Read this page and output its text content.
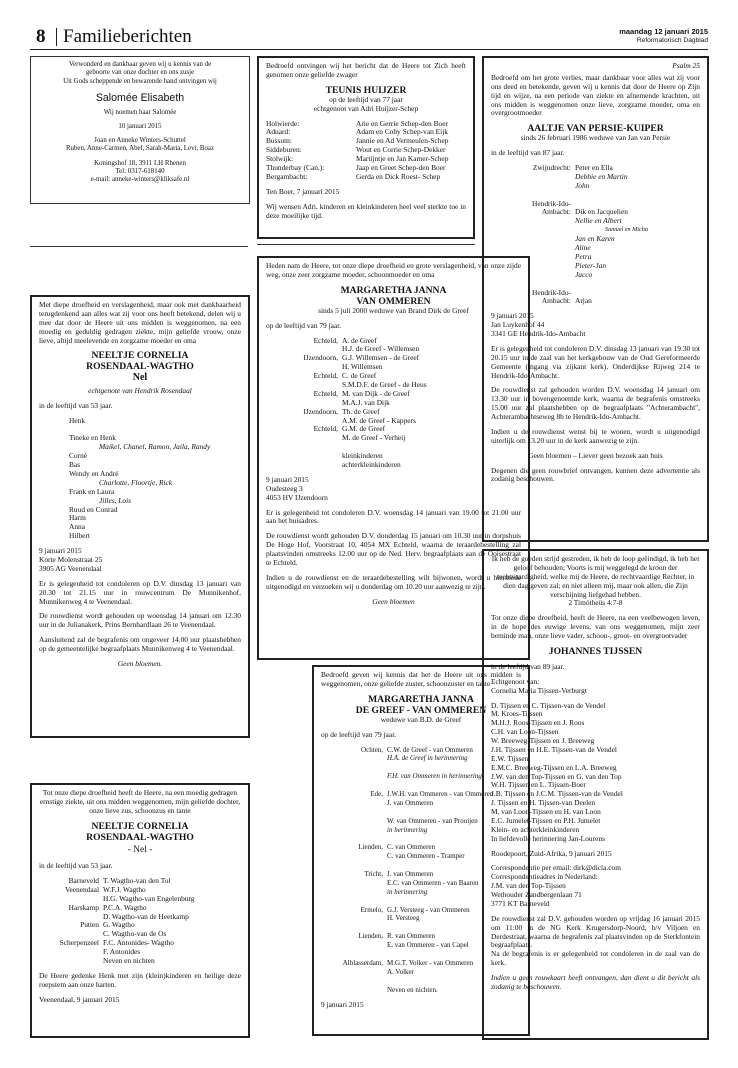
8 Familieberichten	maandag 12 januari 2015
Reformatorisch Dagblad
Verwonderd en dankbaar geven wij u kennis van de
geboorte van onze dochter en ons zusje
Uit Gods scheppende en bewarende hand ontvingen wij
Salomée Elisabeth
Wij noemen haar Salomée
10 januari 2015
Joan en Anneke Winters-Schuttel
Ruben, Anne-Carmen, Abel, Sarah-Maria, Levi, Boaz
Koningshof 18, 3911 LH Rhenen
Tel: 0317-618140
e-mail: anneke-winters@kliksafe.nl
Met diepe droefheid en verslagenheid, maar ook met dankbaarheid terugdenkend aan alles wat zij voor ons heeft betekend, delen wij u mee dat door de Heere uit ons midden is weggenomen, na een moedig en geduldig gedragen ziekte, mijn geliefde vrouw, onze lieve, altijd meelevende en zorgzame moeder en oma
NEELTJE CORNELIA
ROSENDAAL-WAGTHO
Nel
echtgenote van Hendrik Rosendaal
in de leeftijd van 53 jaar.
Henk
Tineke en Henk
Maikel, Chanel, Ramon, Jaila, Randy
Corné
Bas
Wendy en André
Charlotte, Floortje, Rick
Frank en Laura
Jilles, Lois
Ruud en Conrad
Harm
Anna
Hilbert
9 januari 2015
Korte Molenstraat 25
3905 AG Veenendaal
Er is gelegenheid tot condoleren op D.V. dinsdag 13 januari van 20.30 tot 21.15 uur in rouwcentrum De Munnikenhof, Munnikenweg 4 te Veenendaal.
De rouwdienst wordt gehouden op woensdag 14 januari om 12.30 uur in de Julianakerk, Prins Bernhardlaan 26 te Veenendaal.
Aansluitend zal de begrafenis om ongeveer 14.00 uur plaatshebben op de gemeentelijke begraafplaats Munnikenweg 4 te Veenendaal.
Geen bloemen.
Tot onze diepe droefheid heeft de Heere, na een moedig gedragen ernstige ziekte, uit ons midden weggenomen, mijn geliefde dochter, onze lieve zus, schoonzus en tante
NEELTJE CORNELIA
ROSENDAAL-WAGTHO
- Nel -
in de leeftijd van 53 jaar.
Barneveld T. Wagtho-van den Tol
Veenendaal W.F.J. Wagtho
H.G. Wagtho-van Engelenburg
Harskamp P.C.A. Wagtho
D. Wagtho-van de Heetkamp
Putten G. Wagtho
C. Wagtho-van de Os
Scherpenzeel F.C. Antonides- Wagtho
F. Antonides
Neven en nichten
De Heere gedenke Henk met zijn (klein)kinderen en heilige deze roepstem aan onze harten.
Veenendaal, 9 januari 2015
Bedroefd ontvingen wij het bericht dat de Heere tot Zich heeft genomen onze geliefde zwager
TEUNIS HUIJZER
op de leeftijd van 77 jaar
echtgenoot van Adri Huijzer-Schep
Holwierde:	Arie en Gerrie Schep-den Boer
Aduard:	Adam en Coby Schep-van Eijk
Bussum:	Jannie en Ad Vermeulen-Schep
Siddeburen:	Wout en Corrie Schep-Dekker
Stolwijk:	Martijntje en Jan Kamer-Schep
Thunderbay (Can.):	Jaap en Greet Schep-den Boer
Bergambacht:	Gerda en Dick Roest- Schep
Ten Boer, 7 januari 2015
Wij wensen Adri, kinderen en kleinkinderen heel veel sterkte toe in deze moeilijke tijd.
Heden nam de Heere, tot onze diepe droefheid en grote verslagenheid, van onze zijde weg, onze zeer zorgzame moeder, schoonmoeder en oma
MARGARETHA JANNA
VAN OMMEREN
sinds 5 juli 2000 weduwe van Brand Dirk de Greef
op de leeftijd van 79 jaar.
Echteld, A. de Greef
H.J. de Greef - Willemsen
IJzendoorn, G.J. Willemsen - de Greef
H. Willemsen
Echteld, C. de Greef
S.M.D.F. de Greef - de Heus
Echteld, M. van Dijk - de Greef
M.A.J. van Dijk
IJzendoorn, Th. de Greef
A.M. de Greef - Kappers
Echteld, G.M. de Greef
M. de Greef - Verheij
kleinkinderen
achterkleinkinderen
9 januari 2015
Oudesteeg 3
4053 HV IJzendoorn
Er is gelegenheid tot condoleren D.V. woensdag 14 januari van 19.00 tot 21.00 uur aan het huisadres.
De rouwdienst wordt gehouden D.V. donderdag 15 januari om 10.30 uur in dorpshuis De Hoge Hof, Voorstraat 10, 4054 MX Echteld, waarna de teraardebestelling zal plaatsvinden omstreeks 12.00 uur op de Ned. Herv. begraafplaats aan de Ooisestraat te Echteld.
Indien u de rouwdienst en de teraardebestelling wilt bijwonen, wordt u hiermede uitgenodigd en verzoeken wij u donderdag om 10.20 uur aanwezig te zijn.
Geen bloemen
Bedroefd geven wij kennis dat het de Heere uit ons midden is weggenomen, onze geliefde zuster, schoonzuster en tante
MARGARETHA JANNA
DE GREEF - VAN OMMEREN
weduwe van B.D. de Greef
op de leeftijd van 79 jaar.
Ochten, C.W. de Greef - van Ommeren
H.A. de Greef in herinnering
F.H. van Ommeren in herinnering
Ede, J.W.H. van Ommeren - van Ommeren
J. van Ommeren
W. van Ommeren - van Prooijen
in herinnering
Lienden, C. van Ommeren
C. van Ommeren - Tramper
Tricht, J. van Ommeren
E.C. van Ommeren - van Baaren
in herinnering
Ermelo, G.J. Versteeg - van Ommeren
H. Versteeg
Lienden, R. van Ommeren
E. van Ommeren - van Capel
Alblasserdam, M.G.T. Volker - van Ommeren
A. Volker
Neven en nichten.
9 januari 2015
Psalm 25
Bedroefd om het grote verlies, maar dankbaar voor alles wat zij voor ons deed en betekende, geven wij u kennis dat door de Heere op Zijn tijd en wijze, na een periode van ziekte en afnemende krachten, uit ons midden is weggenomen onze lieve, zorgzame moeder, oma en overgrootmoeder
AALTJE VAN PERSIE-KUIPER
sinds 26 februari 1986 weduwe van Jan van Persie
in de leeftijd van 87 jaar.
Zwijndrecht: Peter en Ella
Debbie en Martin
John
Hendrik-Ido-
Ambacht: Dik en Jacquelien
Nellie en Albert
Samuel en Micha
Jan en Karen
Aline
Petra
Pieter-Jan
Jacco
Hendrik-Ido-
Ambacht: Arjan
9 januari 2015
Jan Luykenhof 44
3341 GE Hendrik-Ido-Ambacht
Er is gelegenheid tot condoleren D.V. dinsdag 13 januari van 19.30 tot 20.15 uur in de zaal van het kerkgebouw van de Oud Gereformeerde Gemeente (ingang via zijkant kerk), Onderdijkse Rijweg 214 te Hendrik-Ido-Ambacht.
De rouwdienst zal gehouden worden D.V. woensdag 14 januari om 13.30 uur in bovengenoemde kerk, waarna de begrafenis omstreeks 15.00 uur zal plaatshebben op de begraafplaats "Achterambacht", Achterambachtseweg 8b te Hendrik-Ido-Ambacht.
Indien u de rouwdienst wenst bij te wonen, wordt u uitgenodigd uiterlijk om 13.20 uur in de kerk aanwezig te zijn.
Geen bloemen – Liever geen bezoek aan huis
Degenen die geen rouwbrief ontvangen, kunnen deze advertentie als zodanig beschouwen.
Ik heb de goeden strijd gestreden, ik heb de loop geëindigd, ik heb het geloof behouden; Voorts is mij weggelegd de kroon der rechtvaardigheid, welke mij de Heere, de rechtvaardige Rechter, in dien dag geven zal; en niet alleen mij, maar ook allen, die Zijn verschijning liefgehad hebben.
2 Timótheüs 4:7-8
Tot onze diepe droefheid, heeft de Heere, na een veelbewogen leven, in de hope des euwige levens, van ons weggenomen, mijn zeer beminde man, onze lieve vader, schoon-, groot- en overgrootvader
JOHANNES TIJSSEN
in de leeftijd van 89 jaar.
Echtgenoot van:
Cornelia Maria Tijssen-Verburgt
D. Tijssen en C. Tijssen-van de Vendel
M. Kroes-Tijssen
M.H.J. Roos-Tijssen en J. Roos
C.H. van Loon-Tijssen
W. Breeweg-Tijssen en J. Breeweg
J.H. Tijssen en H.E. Tijssen-van de Vendel
E.W. Tijssen
E.M.C. Breeweg-Tijssen en L.A. Breeweg
J.W. van den Top-Tijssen en G. van den Top
W.H. Tijssen en L. Tijssen-Boer
J.B. Tijssen en J.C.M. Tijssen-van de Vendel
J. Tijssen en H. Tijssen-van Deelen
M. van Loon-Tijssen en H. van Loon
E.C. Jumelet-Tijssen en P.H. Jumelet
Klein- en achterkleinkinderen
In liefdevolle herinnering Jan-Lourens
Roodepoort, Zuid-Afrika, 9 januari 2015
Correspondentie per email: dirk@dicla.com
Correspondentieadres in Nederland:
J.M. van den Top-Tijssen
Wethouder Zandbergenlaan 71
3771 KT Barneveld
De rouwdienst zal D.V. gehouden worden op vrijdag 16 januari 2015 om 11:00 in de NG Kerk Krugersdorp-Noord, b/v Viljoen en Derdestraat, waarna de begrafenis zal plaatsvinden op de Sterkfontein begraafplaats.
Na de begrafenis is er gelegenheid tot condoleren in de zaal van de kerk.
Indien u geen rouwkaart heeft ontvangen, dan dient u dit bericht als zodanig te beschouwen.
